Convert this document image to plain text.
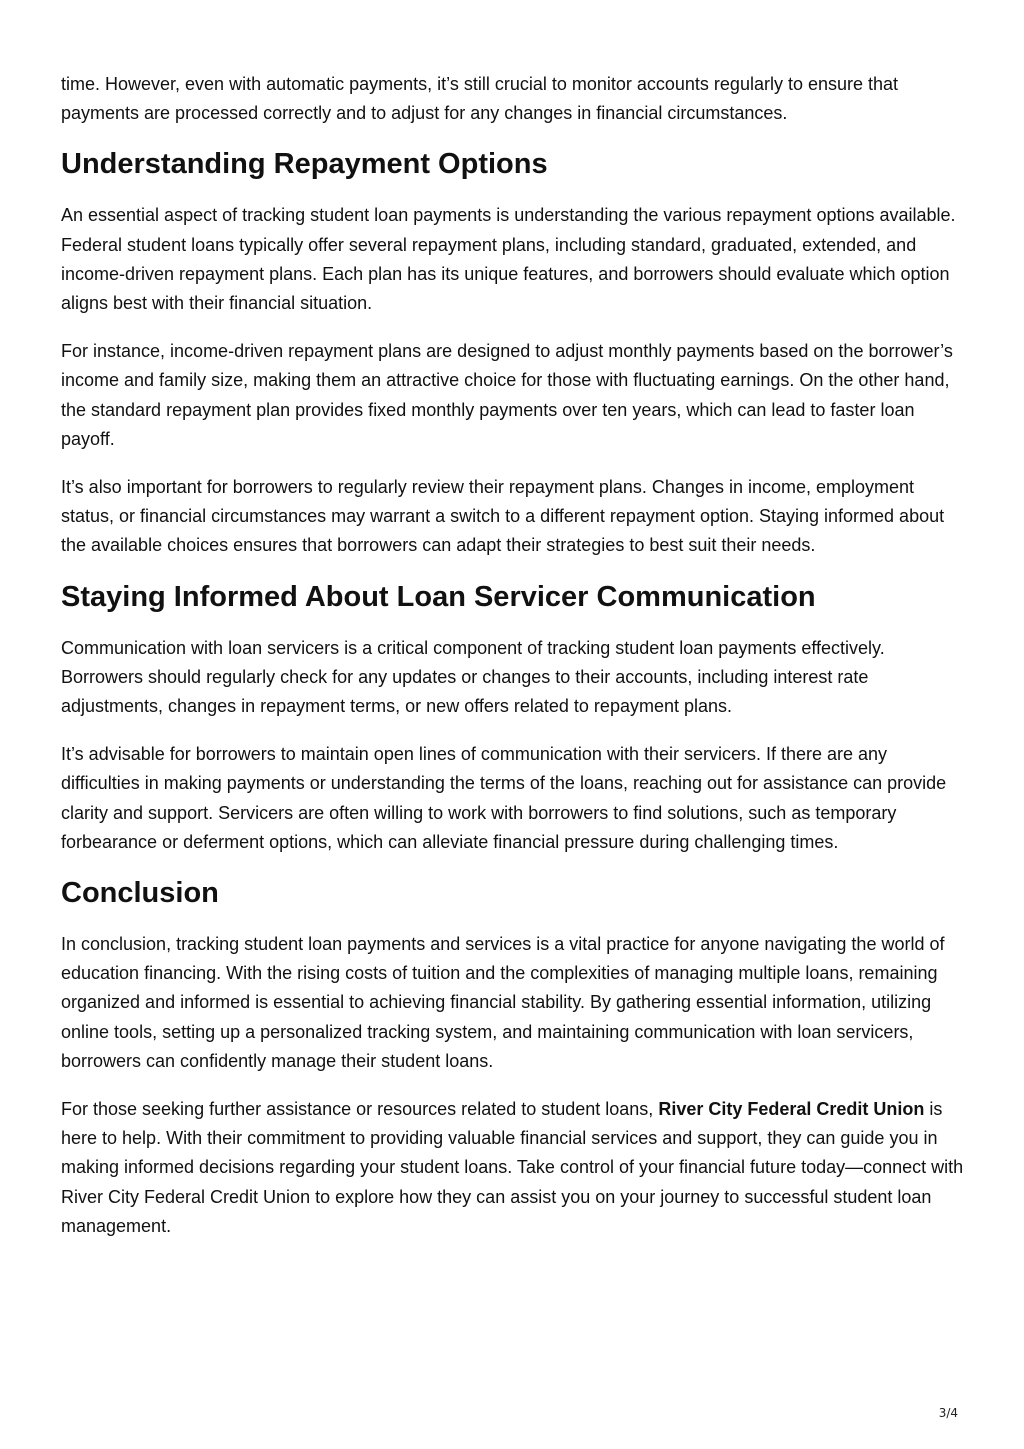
time. However, even with automatic payments, it’s still crucial to monitor accounts regularly to ensure that payments are processed correctly and to adjust for any changes in financial circumstances.

Understanding Repayment Options

An essential aspect of tracking student loan payments is understanding the various repayment options available. Federal student loans typically offer several repayment plans, including standard, graduated, extended, and income-driven repayment plans. Each plan has its unique features, and borrowers should evaluate which option aligns best with their financial situation.

For instance, income-driven repayment plans are designed to adjust monthly payments based on the borrower’s income and family size, making them an attractive choice for those with fluctuating earnings. On the other hand, the standard repayment plan provides fixed monthly payments over ten years, which can lead to faster loan payoff.

It’s also important for borrowers to regularly review their repayment plans. Changes in income, employment status, or financial circumstances may warrant a switch to a different repayment option. Staying informed about the available choices ensures that borrowers can adapt their strategies to best suit their needs.

Staying Informed About Loan Servicer Communication

Communication with loan servicers is a critical component of tracking student loan payments effectively. Borrowers should regularly check for any updates or changes to their accounts, including interest rate adjustments, changes in repayment terms, or new offers related to repayment plans.

It’s advisable for borrowers to maintain open lines of communication with their servicers. If there are any difficulties in making payments or understanding the terms of the loans, reaching out for assistance can provide clarity and support. Servicers are often willing to work with borrowers to find solutions, such as temporary forbearance or deferment options, which can alleviate financial pressure during challenging times.

Conclusion

In conclusion, tracking student loan payments and services is a vital practice for anyone navigating the world of education financing. With the rising costs of tuition and the complexities of managing multiple loans, remaining organized and informed is essential to achieving financial stability. By gathering essential information, utilizing online tools, setting up a personalized tracking system, and maintaining communication with loan servicers, borrowers can confidently manage their student loans.

For those seeking further assistance or resources related to student loans, River City Federal Credit Union is here to help. With their commitment to providing valuable financial services and support, they can guide you in making informed decisions regarding your student loans. Take control of your financial future today—connect with River City Federal Credit Union to explore how they can assist you on your journey to successful student loan management.

3/4
